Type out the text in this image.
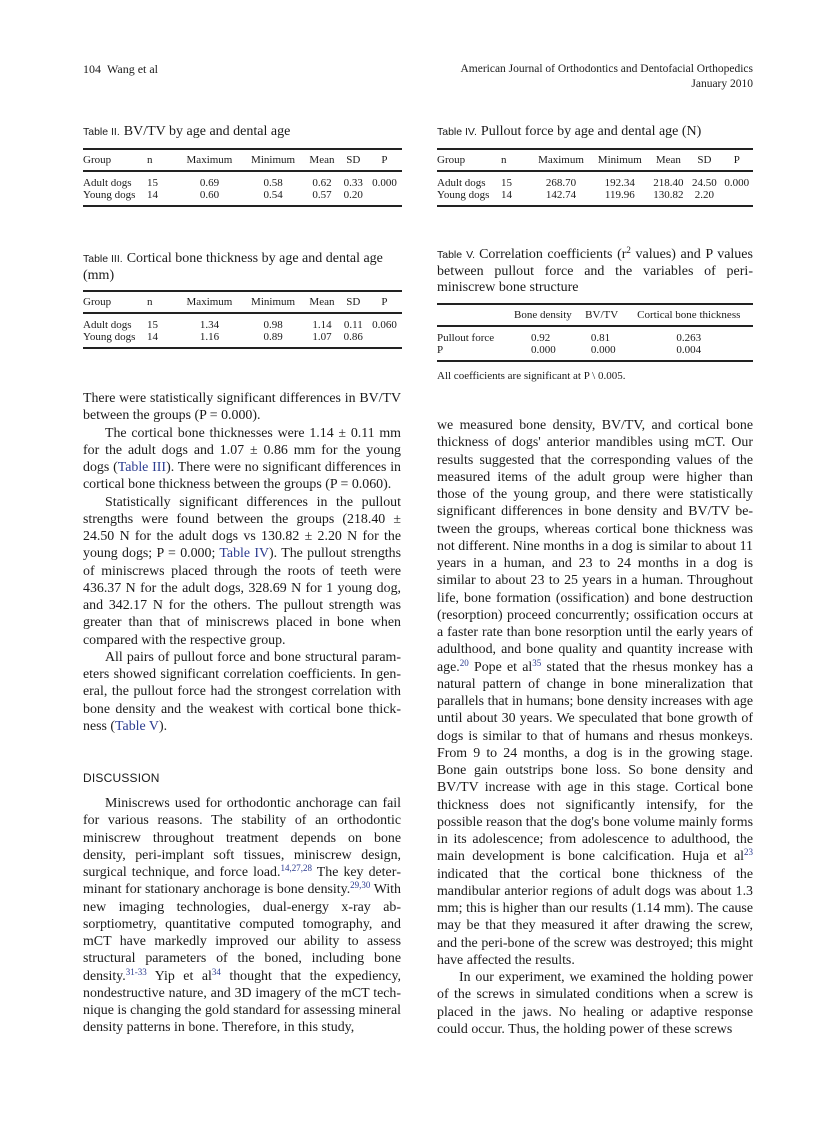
104 Wang et al	American Journal of Orthodontics and Dentofacial Orthopedics
January 2010
Table II. BV/TV by age and dental age
Group	n	Maximum	Minimum	Mean	SD	P
Adult dogs	15	0.69	0.58	0.62	0.33	0.000
Young dogs	14	0.60	0.54	0.57	0.20	
Table III. Cortical bone thickness by age and dental age (mm)
Group	n	Maximum	Minimum	Mean	SD	P
Adult dogs	15	1.34	0.98	1.14	0.11	0.060
Young dogs	14	1.16	0.89	1.07	0.86	
Table IV. Pullout force by age and dental age (N)
Group	n	Maximum	Minimum	Mean	SD	P
Adult dogs	15	268.70	192.34	218.40	24.50	0.000
Young dogs	14	142.74	119.96	130.82	2.20	
Table V. Correlation coefficients ($r^2$ values) and P values between pullout force and the variables of peri-miniscrew bone structure
	Bone density	BV/TV	Cortical bone thickness
Pullout force	0.92	0.81	0.263
P	0.000	0.000	0.004
All coefficients are significant at P \ 0.005.

There were statistically significant differences in BV/TV between the groups (P = 0.000).

The cortical bone thicknesses were 1.14 ± 0.11 mm for the adult dogs and 1.07 ± 0.86 mm for the young dogs (Table III). There were no significant differences in cortical bone thickness between the groups (P = 0.060).

Statistically significant differences in the pullout strengths were found between the groups (218.40 ± 24.50 N for the adult dogs vs 130.82 ± 2.20 N for the young dogs; P = 0.000; Table IV). The pullout strengths of miniscrews placed through the roots of teeth were 436.37 N for the adult dogs, 328.69 N for 1 young dog, and 342.17 N for the others. The pullout strength was greater than that of miniscrews placed in bone when compared with the respective group.

All pairs of pullout force and bone structural parameters showed significant correlation coefficients. In general, the pullout force had the strongest correlation with bone density and the weakest with cortical bone thickness (Table V).

DISCUSSION

Miniscrews used for orthodontic anchorage can fail for various reasons. The stability of an orthodontic miniscrew throughout treatment depends on bone density, peri-implant soft tissues, miniscrew design, surgical technique, and force load.$^{14,27,28}$ The key determinant for stationary anchorage is bone density.$^{29,30}$ With new imaging technologies, dual-energy x-ray absorptiometry, quantitative computed tomography, and mCT have markedly improved our ability to assess structural parameters of the boned, including bone density.$^{31-33}$ Yip et $al^{34}$ thought that the expediency, nondestructive nature, and 3D imagery of the mCT technique is changing the gold standard for assessing mineral density patterns in bone. Therefore, in this study,

we measured bone density, BV/TV, and cortical bone thickness of dogs' anterior mandibles using mCT. Our results suggested that the corresponding values of the measured items of the adult group were higher than those of the young group, and there were statistically significant differences in bone density and BV/TV between the groups, whereas cortical bone thickness was not different. Nine months in a dog is similar to about 11 years in a human, and 23 to 24 months in a dog is similar to about 23 to 25 years in a human. Throughout life, bone formation (ossification) and bone destruction (resorption) proceed concurrently; ossification occurs at a faster rate than bone resorption until the early years of adulthood, and bone quality and quantity increase with age.$^{20}$ Pope et $al^{35}$ stated that the rhesus monkey has a natural pattern of change in bone mineralization that parallels that in humans; bone density increases with age until about 30 years. We speculated that bone growth of dogs is similar to that of humans and rhesus monkeys. From 9 to 24 months, a dog is in the growing stage. Bone gain outstrips bone loss. So bone density and BV/TV increase with age in this stage. Cortical bone thickness does not significantly intensify, for the possible reason that the dog's bone volume mainly forms in its adolescence; from adolescence to adulthood, the main development is bone calcification. Huja et $al^{23}$ indicated that the cortical bone thickness of the mandibular anterior regions of adult dogs was about 1.3 mm; this is higher than our results (1.14 mm). The cause may be that they measured it after drawing the screw, and the peri-bone of the screw was destroyed; this might have affected the results.

In our experiment, we examined the holding power of the screws in simulated conditions when a screw is placed in the jaws. No healing or adaptive response could occur. Thus, the holding power of these screws
